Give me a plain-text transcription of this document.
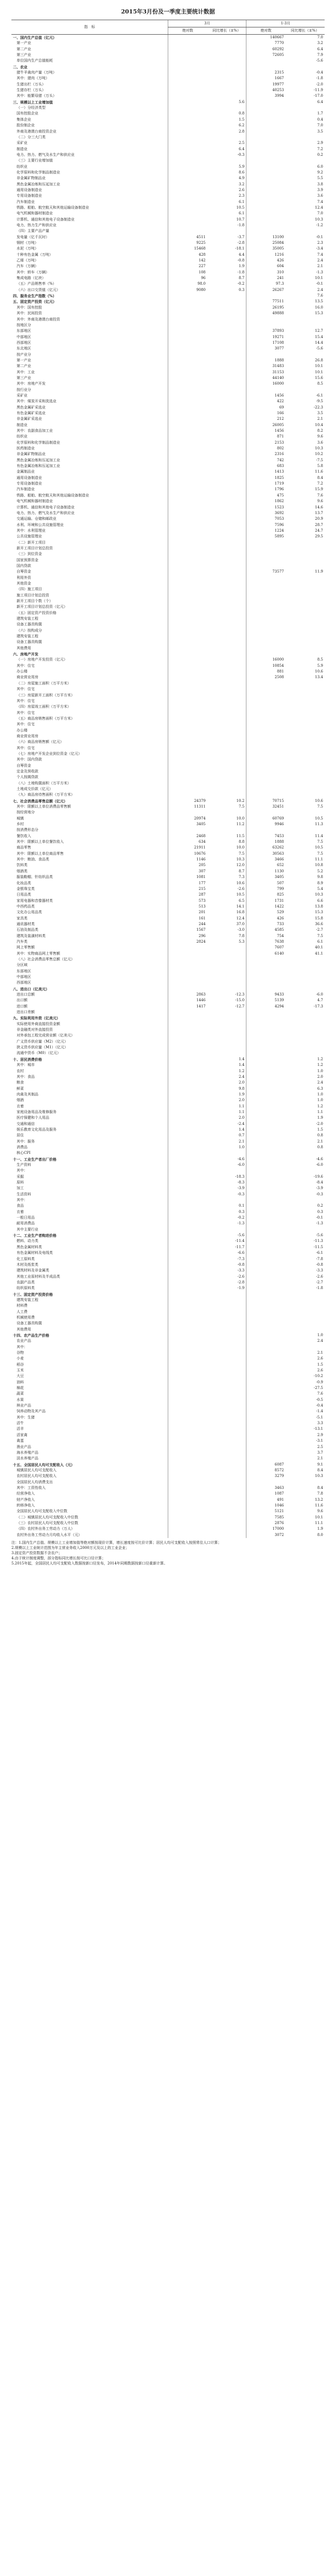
2015年3月份及一季度主要统计数据
指　标	3月		1-3月	
	绝对数	同比增长（±%）	绝对数	同比增长（±%）
一、国内生产总值（亿元）			140667	7.0
第一产业			7770	3.2
第二产业			60292	6.4
第三产业			72605	7.9
单位国内生产总值能耗				-5.6
二、农业				
猪牛羊禽肉产量（万吨）			2315	-0.4
其中：猪肉（万吨）			1667	-1.8
生猪出栏（万头）			19977	-2.0
生猪存栏（万头）			40253	-11.9
其中：能繁母猪（万头）			3994	-17.0
三、规模以上工业增加值		5.6		6.4
（一）分经济类型				
国有控股企业		0.8		1.7
集体企业		1.5		0.4
股份制企业		6.2		7.0
外商及港澳台商投资企业		2.8		3.5
（二）分三大门类				
采矿业		2.5		2.9
制造业		6.4		7.2
电力、热力、燃气及水生产和供应业		-0.3		0.2
（三）主要行业增加值				
纺织业		5.9		6.0
化学原料和化学制品制造业		8.6		9.2
非金属矿物制品业		4.9		5.5
黑色金属冶炼和压延加工业		3.2		3.8
通用设备制造业		2.6		3.9
专用设备制造业		2.3		3.6
汽车制造业		6.1		7.4
铁路、船舶、航空航天和其他运输设备制造业		10.5		12.4
电气机械和器材制造业		6.1		7.0
计算机、通信和其他电子设备制造业		10.7		10.3
电力、热力生产和供应业		-1.8		-1.2
（四）主要产品产量				
发电量（亿千瓦时）	4511	-3.7	13100	-0.1
钢材（万吨）	9225	-2.8	25084	2.3
水泥（万吨）	15468	-18.1	35005	-3.4
十种有色金属（万吨）	428	4.4	1216	7.4
乙烯（万吨）	142	-0.8	426	2.4
汽车（万辆）	227	1.9	604	2.1
其中：轿车（万辆）	108	-1.8	310	-1.3
集成电路（亿块）	96	8.7	241	10.1
（五）产品销售率（%）	98.0	-0.2	97.3	-0.1
（六）出口交货值（亿元）	9080	0.3	26267	2.4
四、服务业生产指数（%）				7.6
五、固定资产投资（亿元）			77511	13.5
其中：国有控股			26195	16.0
其中：民间投资			49888	15.3
其中：外商及港澳台商投资				
按地区分				
东部地区			37893	12.7
中部地区			19271	15.4
西部地区			17108	14.4
东北地区			3077	-5.6
按产业分				
第一产业			1888	26.8
第二产业			31483	10.1
其中：工业			31153	10.1
第三产业			44140	15.6
其中：房地产开发			16000	8.5
按行业分				
采矿业			1456	-6.1
其中：煤炭开采和洗选业			422	-9.5
黑色金属矿采选业			69	-22.3
有色金属矿采选业			166	3.5
非金属矿采选业			212	2.1
制造业			26005	10.4
其中：农副食品加工业			1456	8.2
纺织业			871	9.6
化学原料和化学制品制造业			2153	3.6
医药制造业			802	10.3
非金属矿物制品业			2316	10.2
黑色金属冶炼和压延加工业			742	-7.5
有色金属冶炼和压延加工业			683	5.8
金属制品业			1413	11.6
通用设备制造业			1825	8.4
专用设备制造业			1719	7.2
汽车制造业			1796	15.9
铁路、船舶、航空航天和其他运输设备制造业			475	7.6
电气机械和器材制造业			1862	9.6
计算机、通信和其他电子设备制造业			1523	14.6
电力、热力、燃气及水生产和供应业			3692	13.7
交通运输、仓储和邮政业			7053	20.9
水利、环境和公共设施管理业			7596	28.7
其中：水利管理业			1224	24.7
公共设施管理业			5895	29.5
（二）新开工项目				
新开工项目计划总投资				
（三）到位资金				
国家预算资金				
国内贷款				
自筹资金			73577	11.9
利用外资				
其他资金				
（四）施工项目				
施工项目计划总投资				
新开工项目个数（个）				
新开工项目计划总投资（亿元）				
（五）固定资产投资价格				
建筑安装工程				
设备工器具购置				
（六）按构成分				
建筑安装工程				
设备工器具购置				
其他费用				
六、房地产开发				
（一）房地产开发投资（亿元）			16000	8.5
其中：住宅			10854	5.9
办公楼			881	10.6
商业营业用房			2508	13.4
（二）房屋施工面积（万平方米）				
其中：住宅				
（三）房屋新开工面积（万平方米）				
其中：住宅				
（四）房屋竣工面积（万平方米）				
其中：住宅				
（五）商品房销售面积（万平方米）				
其中：住宅				
办公楼				
商业营业用房				
（六）商品房销售额（亿元）				
其中：住宅				
（七）房地产开发企业到位资金（亿元）				
其中：国内贷款				
自筹资金				
定金及预收款				
个人按揭贷款				
（八）土地购置面积（万平方米）				
土地成交价款（亿元）				
（九）商品房待售面积（万平方米）				
七、社会消费品零售总额（亿元）	24379	10.2	70715	10.6
其中：限额以上单位消费品零售额	11311	7.5	32451	7.5
按经营地分				
城镇	20974	10.0	60769	10.5
乡村	3405	11.2	9946	11.3
按消费形态分				
餐饮收入	2468	11.5	7453	11.4
其中：限额以上单位餐饮收入	634	8.8	1888	7.5
商品零售	21911	10.0	63262	10.5
其中：限额以上单位商品零售	10676	7.5	30563	7.5
其中：粮油、食品类	1146	10.3	3466	11.1
饮料类	205	12.0	652	10.8
烟酒类	307	8.7	1130	5.2
服装鞋帽、针纺织品类	1081	7.3	3405	9.8
化妆品类	177	10.6	507	8.9
金银珠宝类	215	-2.6	799	5.4
日用品类	287	10.5	825	10.3
家用电器和音像器材类	573	6.5	1731	6.6
中西药品类	513	14.1	1422	13.8
文化办公用品类	201	16.8	529	15.3
家具类	161	12.4	426	15.8
通讯器材类	244	37.0	733	36.6
石油及制品类	1567	-3.0	4585	-2.7
建筑及装潢材料类	296	7.8	754	7.5
汽车类	2824	5.3	7638	6.1
网上零售额			7607	40.1
其中：实物商品网上零售额			6140	41.1
（八）社会消费品零售总额（亿元）				
分区域				
东部地区				
中部地区				
西部地区				
八、进出口（亿美元）				
进出口总额	2863	-12.3	9433	-6.0
出口额	1446	-15.0	5139	4.7
进口额	1417	-12.7	4294	-17.3
进出口差额				
九、实际利用外资（亿美元）				
实际使用外商直接投资金额				
非金融类对外直接投资				
对外承包工程完成营业额（亿美元）				
广义货币供应量（M2）（亿元）				
狭义货币供应量（M1）（亿元）				
流通中货币（M0）（亿元）				
十、居民消费价格		1.4		1.2
其中：城市		1.4		1.2
农村		1.2		1.0
其中：食品		2.4		2.0
粮食		2.0		2.4
鲜菜		9.8		6.3
肉禽及其制品		1.9		1.0
烟酒		2.0		1.0
衣着		1.1		1.2
家庭设备用品及维修服务		1.1		1.1
医疗保健和个人用品		2.0		1.9
交通和通信		-2.4		-2.0
娱乐教育文化用品及服务		1.4		1.5
居住		0.7		0.8
其中：服务		2.1		2.1
消费品		1.0		0.8
核心CPI				
十一、工业生产者出厂价格		-4.6		-4.6
生产资料		-6.0		-6.0
其中：				
采掘		-18.3		-19.6
原料		-8.3		-8.4
加工		-3.9		-3.9
生活资料		-0.3		-0.3
其中：				
食品		0.1		0.2
衣着		0.3		0.3
一般日用品		-0.2		-0.1
耐用消费品		-1.3		-1.3
其中主要行业				
十二、工业生产者购进价格		-5.6		-5.6
燃料、动力类		-11.4		-11.3
黑色金属材料类		-11.7		-11.5
有色金属材料及电线类		-6.6		-6.1
化工原料类		-7.3		-7.8
木材及纸浆类		-0.8		-0.8
建筑材料及非金属类		-3.3		-3.3
其他工业原材料及半成品类		-2.6		-2.6
农副产品类		-2.8		-2.7
纺织原料类		-1.9		-1.8
十三、固定资产投资价格				
建筑安装工程				
材料费				
人工费				
机械使用费				
设备工器具购置				
其他费用				
十四、农产品生产价格				1.0
农业产品				2.4
其中：				
谷物				2.1
小麦				2.6
稻谷				1.5
玉米				2.6
大豆				-10.2
油料				-0.9
棉花				-27.5
蔬菜				7.6
水果				-0.5
林业产品				-0.4
饲养动物及其产品				-1.4
其中：生猪				-5.1
活牛				3.3
活羊				-13.1
活家禽				2.9
禽蛋				-3.1
渔业产品				2.5
海水养殖产品				3.7
淡水养殖产品				2.1
十五、全国居民人均可支配收入（元）			6087	9.1
城镇居民人均可支配收入			8572	8.4
农村居民人均可支配收入			3279	10.3
全国居民人均消费支出				
其中：工资性收入			3463	8.4
经营净收入			1087	7.8
财产净收入			491	13.2
转移净收入			1046	11.6
全国居民人均可支配收入中位数			5121	9.6
（二）城镇居民人均可支配收入中位数			7585	10.1
（三）农村居民人均可支配收入中位数			2876	11.1
（四）农村外出务工劳动力（万人）			17000	1.9
农村外出务工劳动力月均收入水平（元）			3072	8.0
注：1.国内生产总值、规模以上工业增加值等绝对额按现价计算，增长速度按可比价计算；居民人均可支配收入按照常住人口计算；
2.规模以上工业统计范围为年主营业务收入2000万元及以上的工业企业；
3.固定资产投资数据不含农户；
4.由于统计制度调整，部分指标同比增长按可比口径计算；
5.2015年起，全国居民人均可支配收入数据按新口径发布，2014年同期数据按新口径重新计算。
